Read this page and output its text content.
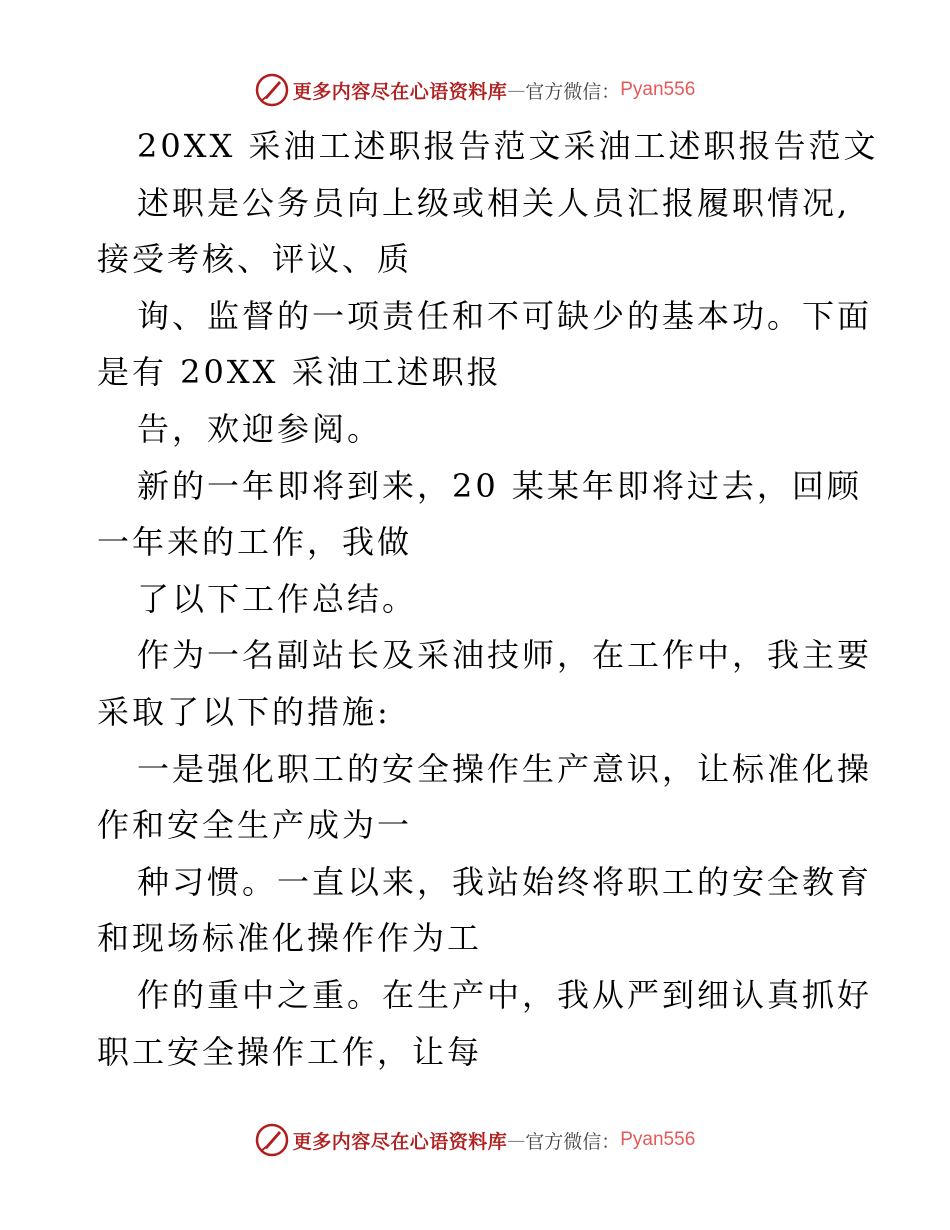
更多内容尽在心语资料库 — 官方微信： Pyan556
20XX 采油工述职报告范文采油工述职报告范文
述职是公务员向上级或相关人员汇报履职情况,
接受考核、评议、质
询、监督的一项责任和不可缺少的基本功。下面
是有 20XX 采油工述职报
告，欢迎参阅。
新的一年即将到来，20 某某年即将过去，回顾
一年来的工作，我做
了以下工作总结。
作为一名副站长及采油技师，在工作中，我主要
采取了以下的措施:
一是强化职工的安全操作生产意识，让标准化操
作和安全生产成为一
种习惯。一直以来，我站始终将职工的安全教育
和现场标准化操作作为工
作的重中之重。在生产中，我从严到细认真抓好
职工安全操作工作，让每
更多内容尽在心语资料库 — 官方微信： Pyan556
